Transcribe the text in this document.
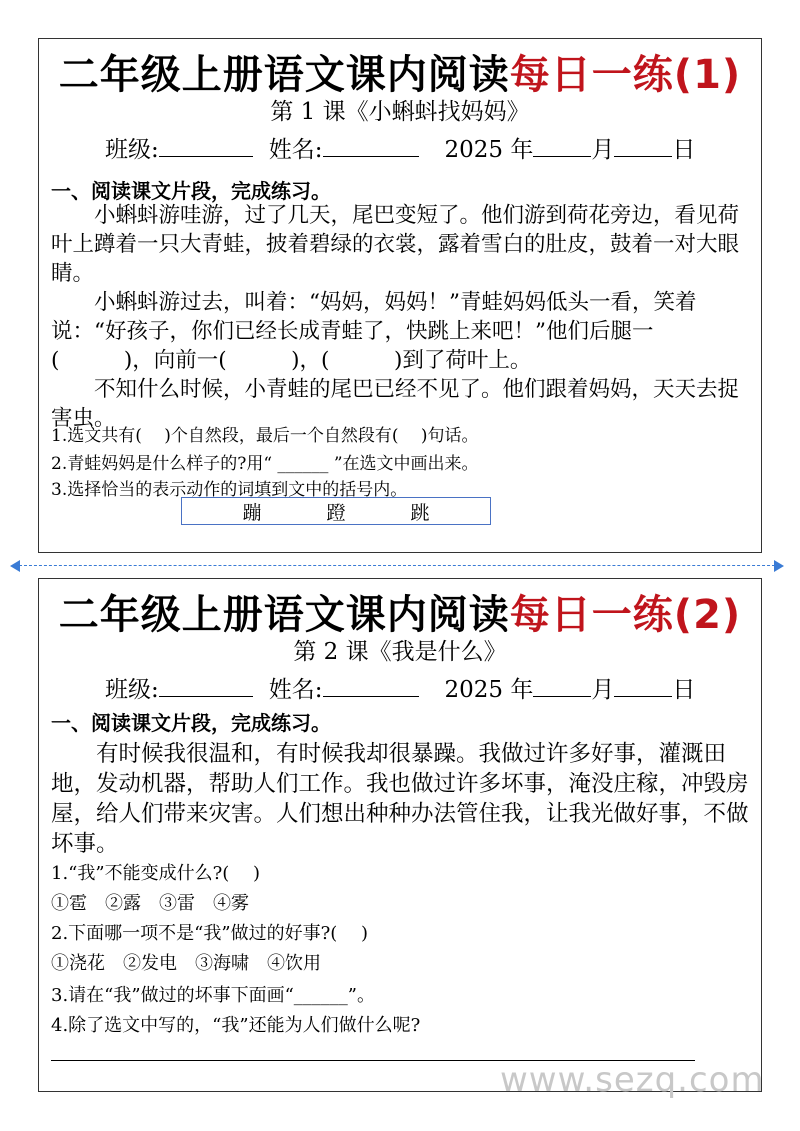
二年级上册语文课内阅读每日一练(1)
第 1 课《小蝌蚪找妈妈》
班级:	姓名:	2025 年	月	日
一、阅读课文片段，完成练习。

小蝌蚪游哇游，过了几天，尾巴变短了。他们游到荷花旁边，看见荷叶上蹲着一只大青蛙，披着碧绿的衣裳，露着雪白的肚皮，鼓着一对大眼睛。

小蝌蚪游过去，叫着：“妈妈，妈妈！”青蛙妈妈低头一看，笑着说：“好孩子，你们已经长成青蛙了，快跳上来吧！”他们后腿一(　　　)，向前一(　　　)，(　　　)到了荷叶上。

不知什么时候，小青蛙的尾巴已经不见了。他们跟着妈妈，天天去捉害虫。

1.选文共有(　 )个自然段，最后一个自然段有(　 )句话。
2.青蛙妈妈是什么样子的?用“ ______ ”在选文中画出来。
3.选择恰当的表示动作的词填到文中的括号内。
蹦	蹬	跳
二年级上册语文课内阅读每日一练(2)
第 2 课《我是什么》
班级:	姓名:	2025 年	月	日
一、阅读课文片段，完成练习。

有时候我很温和，有时候我却很暴躁。我做过许多好事，灌溉田地，发动机器，帮助人们工作。我也做过许多坏事，淹没庄稼，冲毁房屋，给人们带来灾害。人们想出种种办法管住我，让我光做好事，不做坏事。

1.“我”不能变成什么?(　 )
①雹　②露　③雷　④雾
2.下面哪一项不是“我”做过的好事?(　 )
①浇花　②发电　③海啸　④饮用
3.请在“我”做过的坏事下面画“______”。
4.除了选文中写的，“我”还能为人们做什么呢?
www.sezq.com
